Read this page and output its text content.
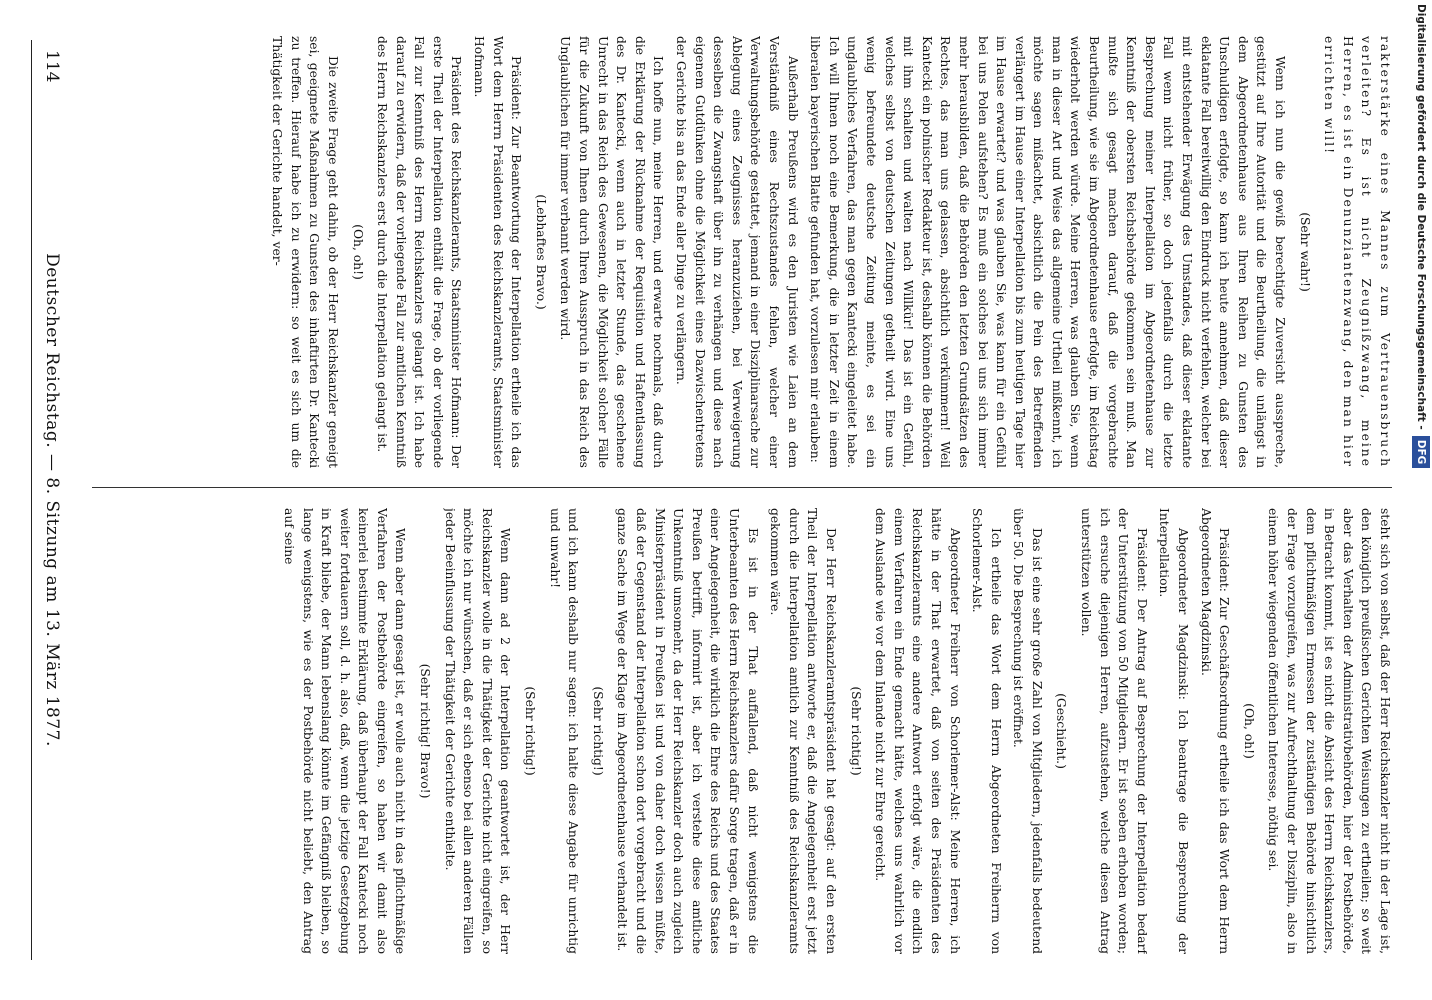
114
Deutscher Reichstag. — 8. Sitzung am 13. März 1877.

rakterstärke eines Mannes zum Vertrauensbruch verleiten? Es ist nicht Zeugnißzwang, meine Herren, es ist ein Denunziantenzwang, den man hier errichten will!

(Sehr wahr!)

Wenn ich nun die gewiß berechtigte Zuversicht ausspreche, gestützt auf Ihre Autorität und die Beurtheilung, die unlängst in dem Abgeordnetenhause aus Ihren Reihen zu Gunsten des Unschuldigen erfolgte, so kann ich heute annehmen, daß dieser eklatante Fall bereitwillig den Eindruck nicht verfehlen, welcher bei mit entstehender Erwägung des Umstandes, daß dieser eklatante Fall wenn nicht früher, so doch jedenfalls durch die letzte Besprechung meiner Interpellation im Abgeordnetenhause zur Kenntniß der obersten Reichsbehörde gekommen sein muß. Man mußte sich gesagt machen darauf, daß die vorgebrachte Beurtheilung, wie sie im Abgeordnetenhause erfolgte, im Reichstag wiederholt werden würde. Meine Herren, was glauben Sie, wenn man in dieser Art und Weise das allgemeine Urtheil mißkennt, ich möchte sagen mißachtet, absichtlich die Pein des Betreffenden verlängert im Hause einer Interpellation bis zum heutigen Tage hier im Hause erwartet? und was glauben Sie, was kann für ein Gefühl bei uns Polen aufstehen? Es muß ein solches bei uns sich immer mehr herausbilden, daß die Behörden den letzten Grundsätzen des Rechtes, das man uns gelassen, absichtlich verkümmern! Weil Kantecki ein polnischer Redakteur ist, deshalb können die Behörden mit ihm schalten und walten nach Willkür! Das ist ein Gefühl, welches selbst von deutschen Zeitungen getheilt wird. Eine uns wenig befreundete deutsche Zeitung meinte, es sei ein unglaubliches Verfahren, das man gegen Kantecki eingeleitet habe. Ich will Ihnen noch eine Bemerkung, die in letzter Zeit in einem liberalen bayerischen Blatte gefunden hat, vorzulesen mir erlauben:

Außerhalb Preußens wird es den Juristen wie Laien an dem Verständniß eines Rechtszustandes fehlen, welcher einer Verwaltungsbehörde gestattet, jemand in einer Disziplinarsache zur Ablegung eines Zeugnisses heranzuziehen, bei Verweigerung desselben die Zwangshaft über ihn zu verhängen und diese nach eigenem Gutdünken ohne die Möglichkeit eines Dazwischentretens der Gerichte bis an das Ende aller Dinge zu verlängern.

Ich hoffe nun, meine Herren, und erwarte nochmals, daß durch die Erklärung der Rücknahme der Requisition und Haftentlassung des Dr. Kantecki, wenn auch in letzter Stunde, das geschehene Unrecht in das Reich des Gewesenen, die Möglichkeit solcher Fälle für die Zukunft von Ihnen durch Ihren Ausspruch in das Reich des Unglaublichen für immer verbannt werden wird.

(Lebhaftes Bravo.)

Präsident: Zur Beantwortung der Interpellation ertheile ich das Wort dem Herrn Präsidenten des Reichskanzleramts, Staatsminister Hofmann.

Präsident des Reichskanzleramts, Staatsminister Hofmann: Der erste Theil der Interpellation enthält die Frage, ob der vorliegende Fall zur Kenntniß des Herrn Reichskanzlers gelangt ist. Ich habe darauf zu erwidern, daß der vorliegende Fall zur amtlichen Kenntniß des Herrn Reichskanzlers erst durch die Interpellation gelangt ist.

(Oh, oh!)

Die zweite Frage geht dahin, ob der Herr Reichskanzler geneigt sei, geeignete Maßnahmen zu Gunsten des inhaftirten Dr. Kantecki zu treffen. Hierauf habe ich zu erwidern: so weit es sich um die Thätigkeit der Gerichte handelt, ver-

steht sich von selbst, daß der Herr Reichskanzler nicht in der Lage ist, den königlich preußischen Gerichten Weisungen zu ertheilen; so weit aber das Verhalten der Administrativbehörden, hier der Postbehörde, in Betracht kommt, ist es nicht die Absicht des Herrn Reichskanzlers, dem pflichtmäßigen Ermessen der zuständigen Behörde hinsichtlich der Frage vorzugreifen, was zur Aufrechthaltung der Disziplin, also in einem höher wiegenden öffentlichen Interesse, nöthig sei.

(Oh, oh!)

Präsident: Zur Geschäftsordnung ertheile ich das Wort dem Herrn Abgeordneten Magdzinski.

Abgeordneter Magdzinski: Ich beantrage die Besprechung der Interpellation.

Präsident: Der Antrag auf Besprechung der Interpellation bedarf der Unterstützung von 50 Mitgliedern. Er ist soeben erhoben worden; ich ersuche diejenigen Herren, aufzustehen, welche diesen Antrag unterstützen wollen.

(Geschieht.)

Das ist eine sehr große Zahl von Mitgliedern, jedenfalls bedeutend über 50. Die Besprechung ist eröffnet.

Ich ertheile das Wort dem Herrn Abgeordneten Freiherrn von Schorlemer-Alst.

Abgeordneter Freiherr von Schorlemer-Alst: Meine Herren, ich hätte in der That erwartet, daß von seiten des Präsidenten des Reichskanzleramts eine andere Antwort erfolgt wäre, die endlich einem Verfahren ein Ende gemacht hätte, welches uns wahrlich vor dem Auslande wie vor dem Inlande nicht zur Ehre gereicht.

(Sehr richtig!)

Der Herr Reichskanzleramtspräsident hat gesagt: auf den ersten Theil der Interpellation antworte er, daß die Angelegenheit erst jetzt durch die Interpellation amtlich zur Kenntniß des Reichskanzleramts gekommen wäre.

Es ist in der That auffallend, daß nicht wenigstens die Unterbeamten des Herrn Reichskanzlers dafür Sorge tragen, daß er in einer Angelegenheit, die wirklich die Ehre des Reichs und des Staates Preußen betrifft, informirt ist, aber ich verstehe diese amtliche Unkenntniß umsomehr, da der Herr Reichskanzler doch auch zugleich Ministerpräsident in Preußen ist und von daher doch wissen müßte, daß der Gegenstand der Interpellation schon dort vorgebracht und die ganze Sache im Wege der Klage im Abgeordnetenhause verhandelt ist.

(Sehr richtig!)

und ich kann deshalb nur sagen: ich halte diese Angabe für unrichtig und unwahr!

(Sehr richtig!)

Wenn dann ad 2 der Interpellation geantwortet ist, der Herr Reichskanzler wolle in die Thätigkeit der Gerichte nicht eingreifen, so möchte ich nur wünschen, daß er sich ebenso bei allen anderen Fällen jeder Beeinflussung der Thätigkeit der Gerichte enthielte.

(Sehr richtig! Bravo!)

Wenn aber dann gesagt ist, er wolle auch nicht in das pflichtmäßige Verfahren der Postbehörde eingreifen, so haben wir damit also keinerlei bestimmte Erklärung, daß überhaupt der Fall Kantecki noch weiter fortdauern soll, d. h. also, daß, wenn die jetzige Gesetzgebung in Kraft bliebe, der Mann lebenslang könnte im Gefängniß bleiben, so lange wenigstens, wie es der Postbehörde nicht beliebt, den Antrag auf seine

Digitalisierung gefördert durch die Deutsche Forschungsgemeinschaft -DFG
